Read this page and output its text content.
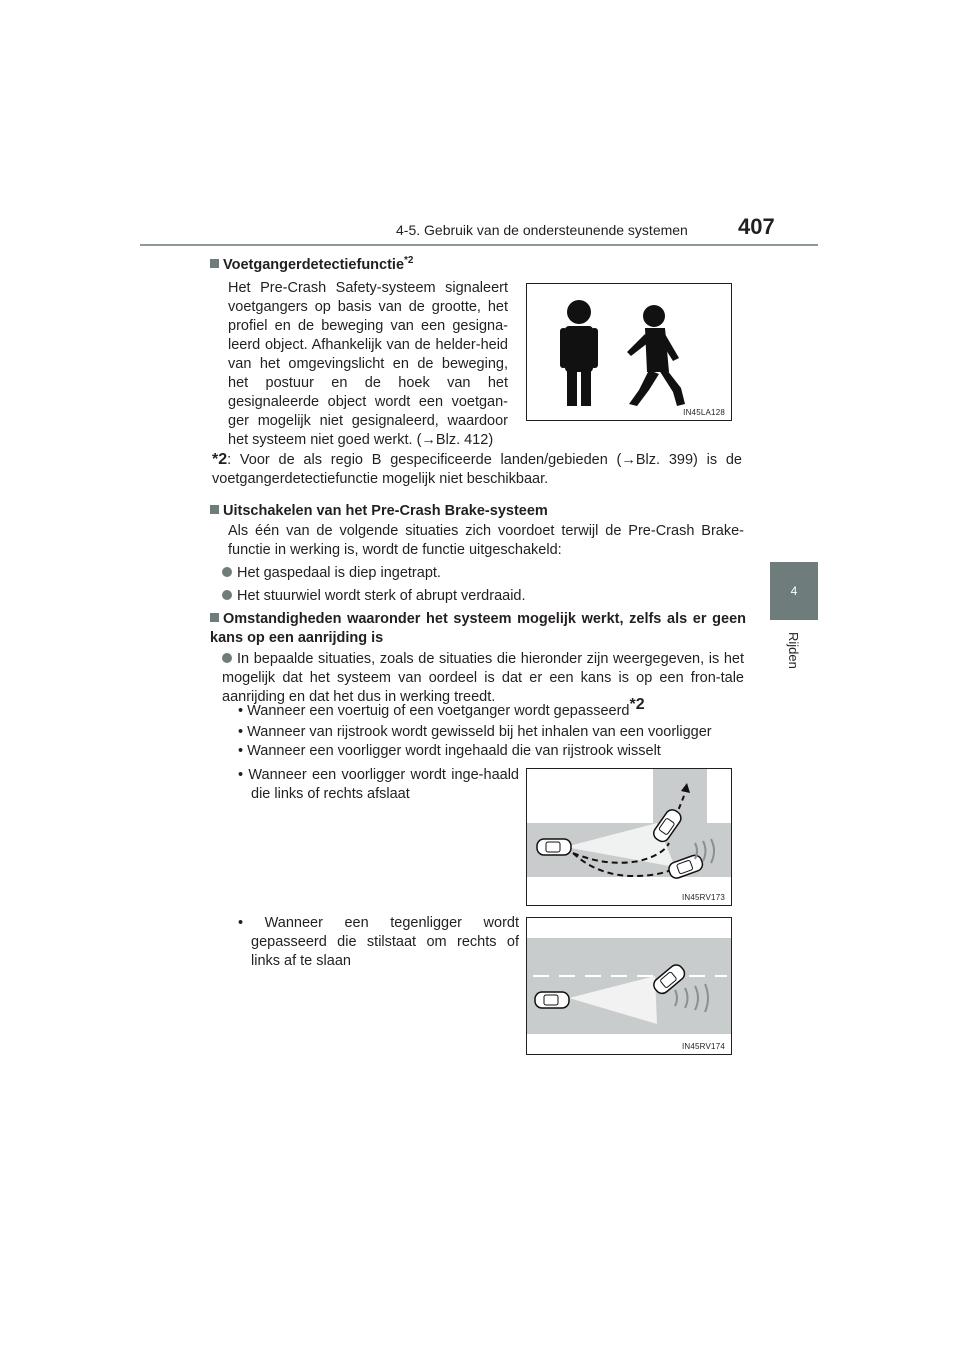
4-5. Gebruik van de ondersteunende systemen 407
4
Rijden
Voetgangerdetectiefunctie$^{*2}$
Het Pre-Crash Safety-systeem signaleert voetgangers op basis van de grootte, het profiel en de beweging van een gesigna-leerd object. Afhankelijk van de helder-heid van het omgevingslicht en de beweging, het postuur en de hoek van het gesignaleerde object wordt een voetgan-ger mogelijk niet gesignaleerd, waardoor het systeem niet goed werkt. (→Blz. 412)
IN45LA128
*2: Voor de als regio B gespecificeerde landen/gebieden (→Blz. 399) is de voetgangerdetectiefunctie mogelijk niet beschikbaar.
Uitschakelen van het Pre-Crash Brake-systeem
Als één van de volgende situaties zich voordoet terwijl de Pre-Crash Brake-functie in werking is, wordt de functie uitgeschakeld:
Het gaspedaal is diep ingetrapt.
Het stuurwiel wordt sterk of abrupt verdraaid.
Omstandigheden waaronder het systeem mogelijk werkt, zelfs als er geen kans op een aanrijding is
In bepaalde situaties, zoals de situaties die hieronder zijn weergegeven, is het mogelijk dat het systeem van oordeel is dat er een kans is op een fron-tale aanrijding en dat het dus in werking treedt.
• Wanneer een voertuig of een voetganger wordt gepasseerd$^{*2}$
• Wanneer van rijstrook wordt gewisseld bij het inhalen van een voorligger
• Wanneer een voorligger wordt ingehaald die van rijstrook wisselt
• Wanneer een voorligger wordt inge-haald die links of rechts afslaat
IN45RV173
• Wanneer een tegenligger wordt gepasseerd die stilstaat om rechts of links af te slaan
IN45RV174
